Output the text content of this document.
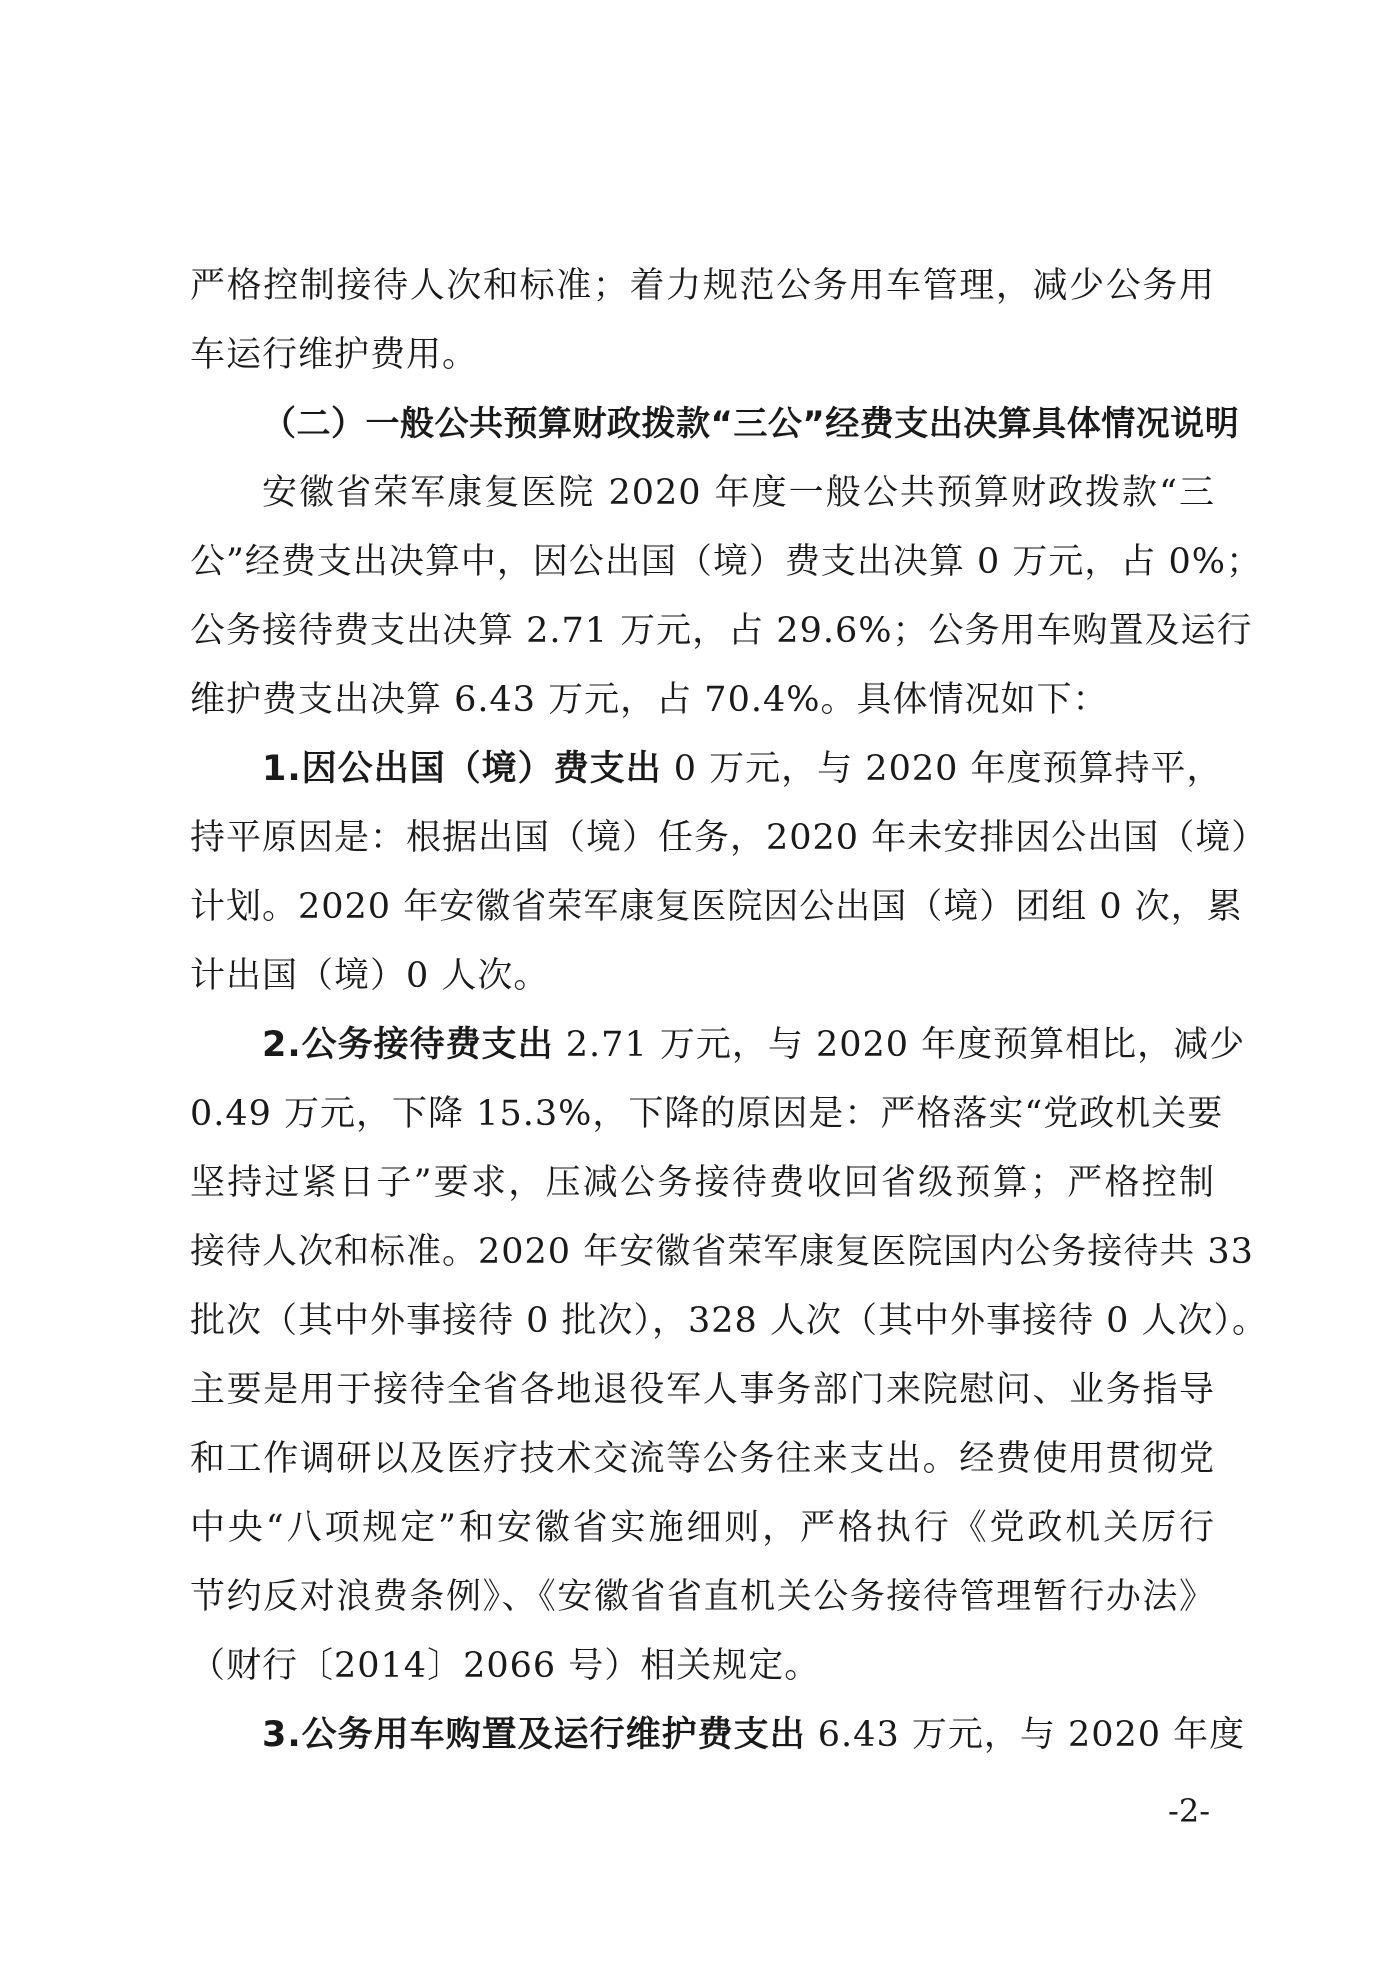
严格控制接待人次和标准；着力规范公务用车管理，减少公务用
车运行维护费用。
（二）一般公共预算财政拨款“三公”经费支出决算具体情况说明
安徽省荣军康复医院 2020 年度一般公共预算财政拨款“三
公”经费支出决算中，因公出国（境）费支出决算 0 万元，占 0%；
公务接待费支出决算 2.71 万元，占 29.6%；公务用车购置及运行
维护费支出决算 6.43 万元，占 70.4%。具体情况如下：
1.因公出国（境）费支出 0 万元，与 2020 年度预算持平，
持平原因是：根据出国（境）任务，2020 年未安排因公出国（境）
计划。2020 年安徽省荣军康复医院因公出国（境）团组 0 次，累
计出国（境）0 人次。
2.公务接待费支出 2.71 万元，与 2020 年度预算相比，减少
0.49 万元，下降 15.3%，下降的原因是：严格落实“党政机关要
坚持过紧日子”要求，压减公务接待费收回省级预算；严格控制
接待人次和标准。2020 年安徽省荣军康复医院国内公务接待共 33
批次（其中外事接待 0 批次），328 人次（其中外事接待 0 人次）。
主要是用于接待全省各地退役军人事务部门来院慰问、业务指导
和工作调研以及医疗技术交流等公务往来支出。经费使用贯彻党
中央“八项规定”和安徽省实施细则，严格执行《党政机关厉行
节约反对浪费条例》、《安徽省省直机关公务接待管理暂行办法》
（财行〔2014〕2066 号）相关规定。
3.公务用车购置及运行维护费支出 6.43 万元，与 2020 年度
-2-
